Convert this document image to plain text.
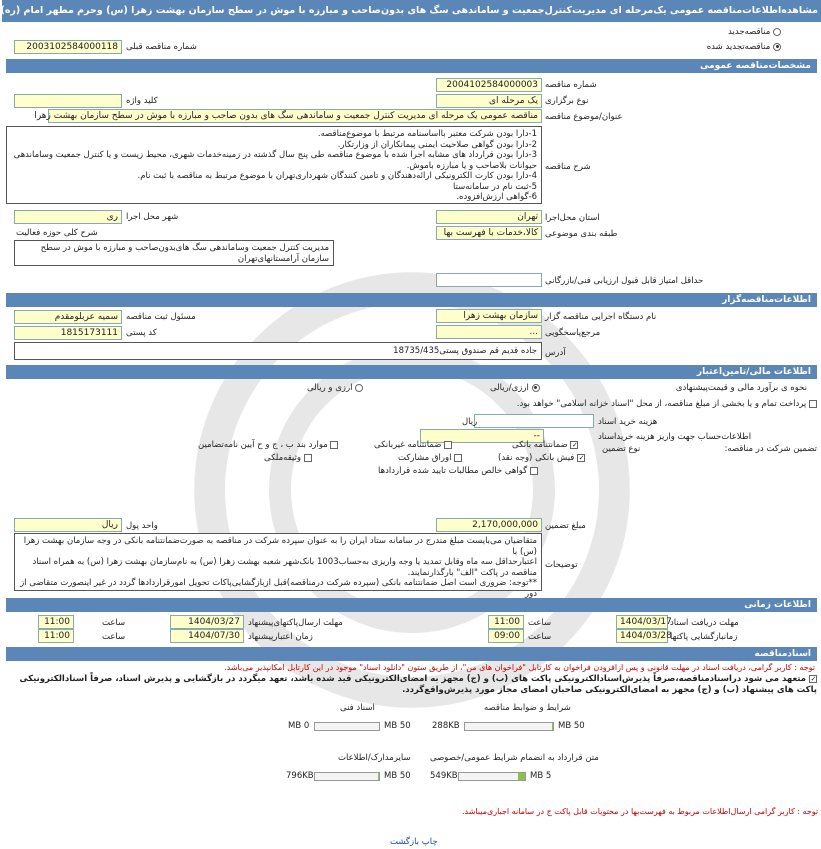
مشاهده‌اطلاعات‌مناقصه عمومی یک‌مرحله ای مدیریت‌کنترل‌جمعیت و ساماندهی سگ های بدون‌صاحب و مبارزه با موش در سطح سازمان بهشت زهرا (س) وحرم مطهر امام (ره)
مناقصه‌جدید
مناقصه‌تجدید شده
2003102584000118 شماره مناقصه قبلی
مشخصات‌مناقصه عمومی
شماره مناقصه
2004102584000003
نوع برگزاری
یک مرحله ای
کلید واژه
عنوان/موضوع مناقصه
مناقصه عمومی یک مرحله ای مدیریت کنترل جمعیت و ساماندهی سگ های بدون صاحب و مبارزه با موش در سطح سازمان بهشت زهرا
شرح مناقصه
1-دارا بودن شرکت معتبر با‌اساسنامه مرتبط با موضوع‌مناقصه.
2-دارا بودن گواهی صلاحیت ایمنی پیمانکاران از وزارتکار.
3-دارا بودن قرارداد های مشابه اجرا شده با موضوع مناقصه طی پنج سال گذشته در زمینه‌خدمات شهری، محیط زیست و یا کنترل جمعیت وساماندهی
حیوانات بلاصاحب و یا مبارزه باموش.
4-دارا بودن کارت الکترونیکی ارائه‌دهندگان و تامین کنندگان شهرداری‌تهران با موضوع مرتبط به مناقصه با ثبت نام.
5-ثبت نام در سامانه‌ستا
6-گواهی ارزش‌افزوده.
استان محل‌اجرا
تهران
ری شهر محل اجرا
طبقه بندی موضوعی
کالا،خدمات با فهرست بها
شرح کلی حوزه فعالیت
مدیریت کنترل جمعیت وساماندهی سگ های‌بدون‌صاحب و مبارزه با موش در سطح سازمان آرامستانهای‌تهران
حداقل امتیاز قابل قبول ارزیابی فنی/بازرگانی
اطلاعات‌مناقصه‌گزار
نام دستگاه اجرایی مناقصه گزار
سازمان بهشت زهرا
سمیه عربلومقدم مسئول ثبت مناقصه
مرجع‌پاسخگویی
...
1815173111 کد پستی
آدرس
جاده قدیم قم صندوق پستی18735/435
اطلاعات مالی/تامین‌اعتبار
نحوه ی برآورد مالی و قیمت‌پیشنهادی
ارزی/ریالی
ارزی و ریالی
پرداخت تمام و یا بخشی از مبلغ مناقصه، از محل "اسناد خزانه اسلامی" خواهد بود.
هزینه خرید اسناد
ریال
اطلاعات‌حساب جهت واریز هزینه خریداسناد
--
تضمین شرکت در مناقصه:
نوع تضمین
✓ ضمانتنامه بانکی
ضمانتنامه غیربانکی
موارد بند ب ، ج و ح آیین نامه‌تضامین
✓ فیش بانکی (وجه نقد)
اوراق مشارکت
وثیقه‌ملکی
گواهی خالص مطالبات تایید شده قراردادها
مبلغ تضمین
2,170,000,000
ریال واحد پول
توضیحات
متقاضیان می‌بایست مبلغ مندرج در سامانه ستاد ایران را به عنوان سپرده شرکت در مناقصه به صورت‌ضمانتنامه بانکی در وجه سازمان بهشت زهرا (س) با
اعتبار‌حداقل سه ماه وقابل تمدید یا وجه واریزی به‌حساب1003 بانک‌شهر شعبه بهشت زهرا (س) به نام‌سازمان بهشت زهرا (س) به همراه اسناد
مناقصه در پاکت "الف" بارگذارنمایند.
**توجه: ضروری است اصل ضمانتنامه بانکی (سپرده شرکت درمناقصه)قبل ازبازگشایی‌پاکات تحویل امورقراردادها گردد در غیر اینصورت متقاضی از دور
اطلاعات زمانی
مهلت دریافت اسناد
1404/03/17
ساعت
11:00
مهلت ارسال‌پاکتهای‌پیشنهاد
1404/03/27
ساعت
11:00
زمانبازگشایی پاکتها
1404/03/28
ساعت
09:00
زمان اعتبارپیشنهاد
1404/07/30
ساعت
11:00
اسنادمناقصه
توجه : کاربر گرامی، دریافت اسناد در مهلت قانونی و پس ازافزودن فراخوان به کارتابل "فراخوان های من"، از طریق ستون "دانلود اسناد" موجود در این کارتابل امکانپذیر می‌باشد.
✓ متعهد می شود در‌اسنادمناقصه،صرفاً پذیرش‌اسنادالکترونیکی پاکت های (ب) و (ج) مجهز به امضای‌الکترونیکی قید شده باشد، تعهد میگردد در بازگشایی و پذیرش اسناد، صرفاً اسنادالکترونیکی پاکت های پیشنهاد (ب) و (ج) مجهز به امضای‌الکترونیکی صاحبان امضای مجاز مورد پذیرش‌واقع‌گردد.
شرایط و ضوابط مناقصه
اسناد فنی
50 MB
288KB
50 MB
0 MB
متن قرارداد به انضمام شرایط عمومی/خصوصی
سایرمدارک/اطلاعات
5 MB
549KB
50 MB
796KB
توجه : کاربر گرامی ارسال‌اطلاعات مربوط به فهرست‌بها در محتویات قابل پاکت ج در سامانه اجباری‌میباشد.
چاپ بازگشت
